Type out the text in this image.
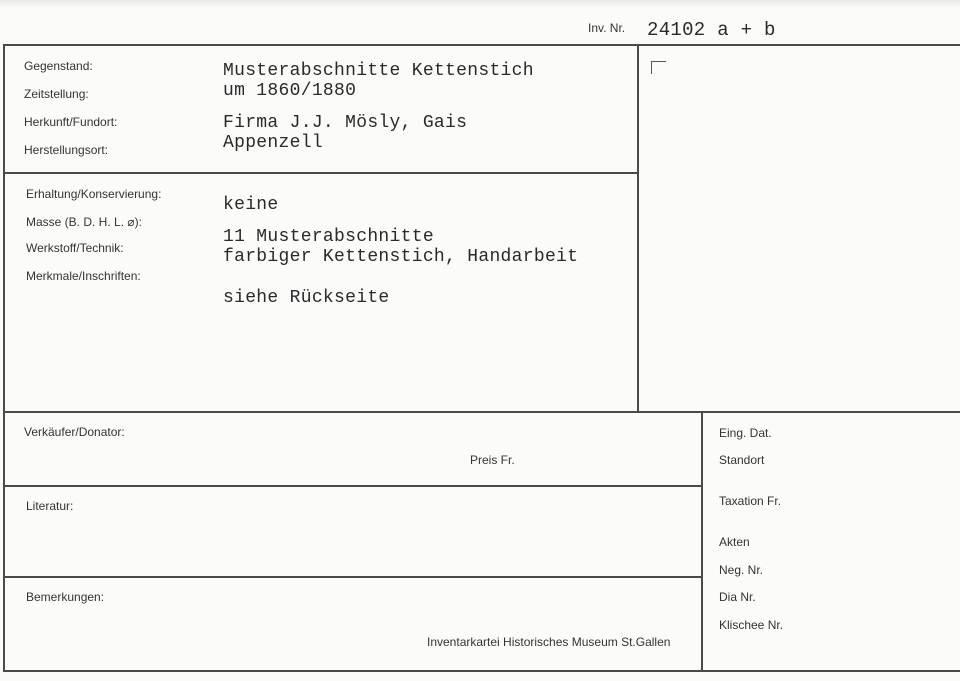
Inv. Nr. 24102 a + b
Gegenstand:
Zeitstellung:
Herkunft/Fundort:
Herstellungsort:
Musterabschnitte Kettenstich
um 1860/1880
Firma J.J. Mösly, Gais
Appenzell
Erhaltung/Konservierung:
Masse (B. D. H. L. ⌀):
Werkstoff/Technik:
Merkmale/Inschriften:
keine
11 Musterabschnitte
farbiger Kettenstich, Handarbeit
siehe Rückseite
Verkäufer/Donator:
Preis Fr.
Literatur:
Bemerkungen:
Inventarkartei Historisches Museum St.Gallen
Eing. Dat.
Standort
Taxation Fr.
Akten
Neg. Nr.
Dia Nr.
Klischee Nr.
